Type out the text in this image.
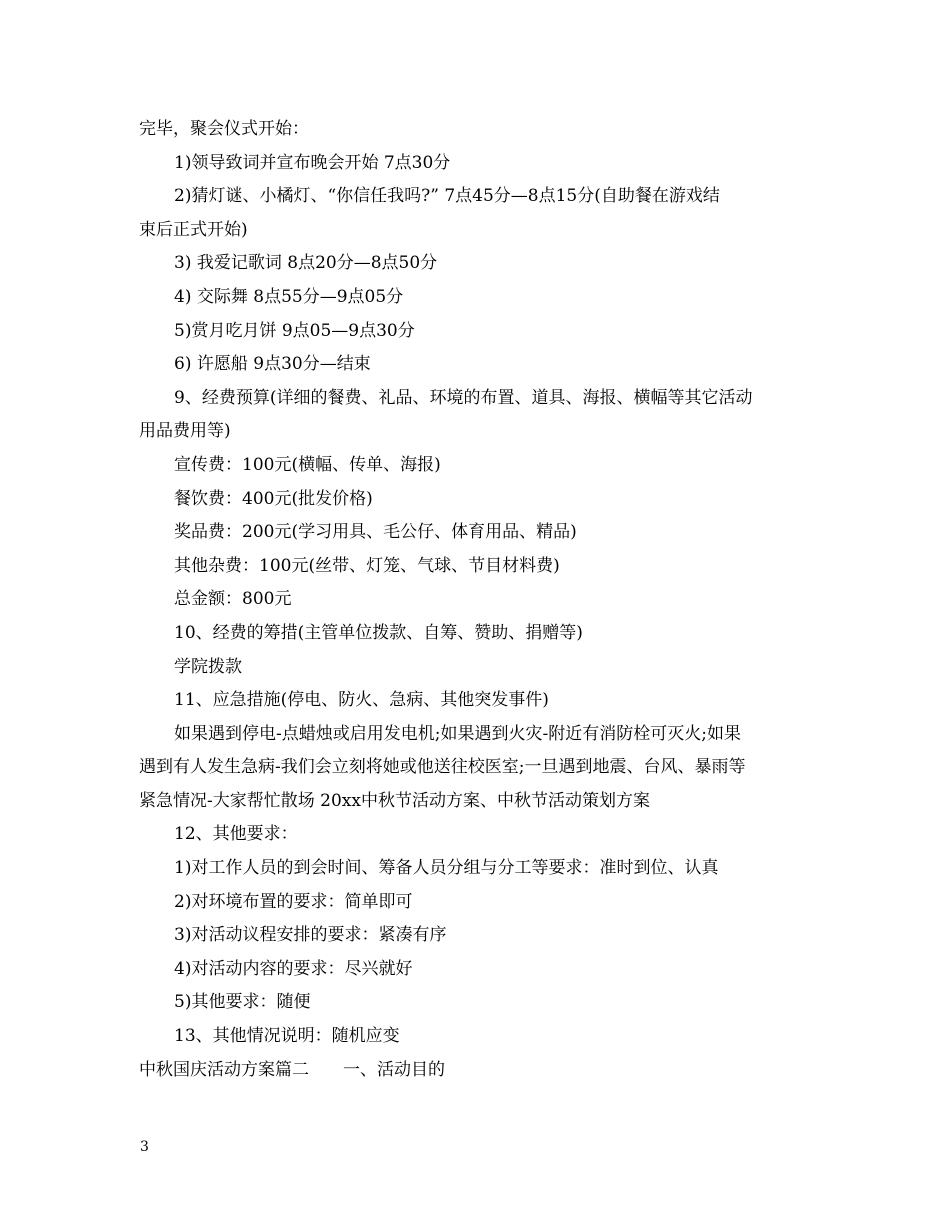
完毕，聚会仪式开始：

1)领导致词并宣布晚会开始 7点30分

2)猜灯谜、小橘灯、“你信任我吗?” 7点45分—8点15分(自助餐在游戏结

束后正式开始)

3) 我爱记歌词 8点20分—8点50分

4) 交际舞 8点55分—9点05分

5)赏月吃月饼 9点05—9点30分

6) 许愿船 9点30分—结束

9、经费预算(详细的餐费、礼品、环境的布置、道具、海报、横幅等其它活动

用品费用等)

宣传费：100元(横幅、传单、海报)

餐饮费：400元(批发价格)

奖品费：200元(学习用具、毛公仔、体育用品、精品)

其他杂费：100元(丝带、灯笼、气球、节目材料费)

总金额：800元

10、经费的筹措(主管单位拨款、自筹、赞助、捐赠等)

学院拨款

11、应急措施(停电、防火、急病、其他突发事件)

如果遇到停电-点蜡烛或启用发电机;如果遇到火灾-附近有消防栓可灭火;如果

遇到有人发生急病-我们会立刻将她或他送往校医室;一旦遇到地震、台风、暴雨等

紧急情况-大家帮忙散场 20xx中秋节活动方案、中秋节活动策划方案

12、其他要求：

1)对工作人员的到会时间、筹备人员分组与分工等要求：准时到位、认真

2)对环境布置的要求：简单即可

3)对活动议程安排的要求：紧凑有序

4)对活动内容的要求：尽兴就好

5)其他要求：随便

13、其他情况说明：随机应变

中秋国庆活动方案篇二　　一、活动目的

3
